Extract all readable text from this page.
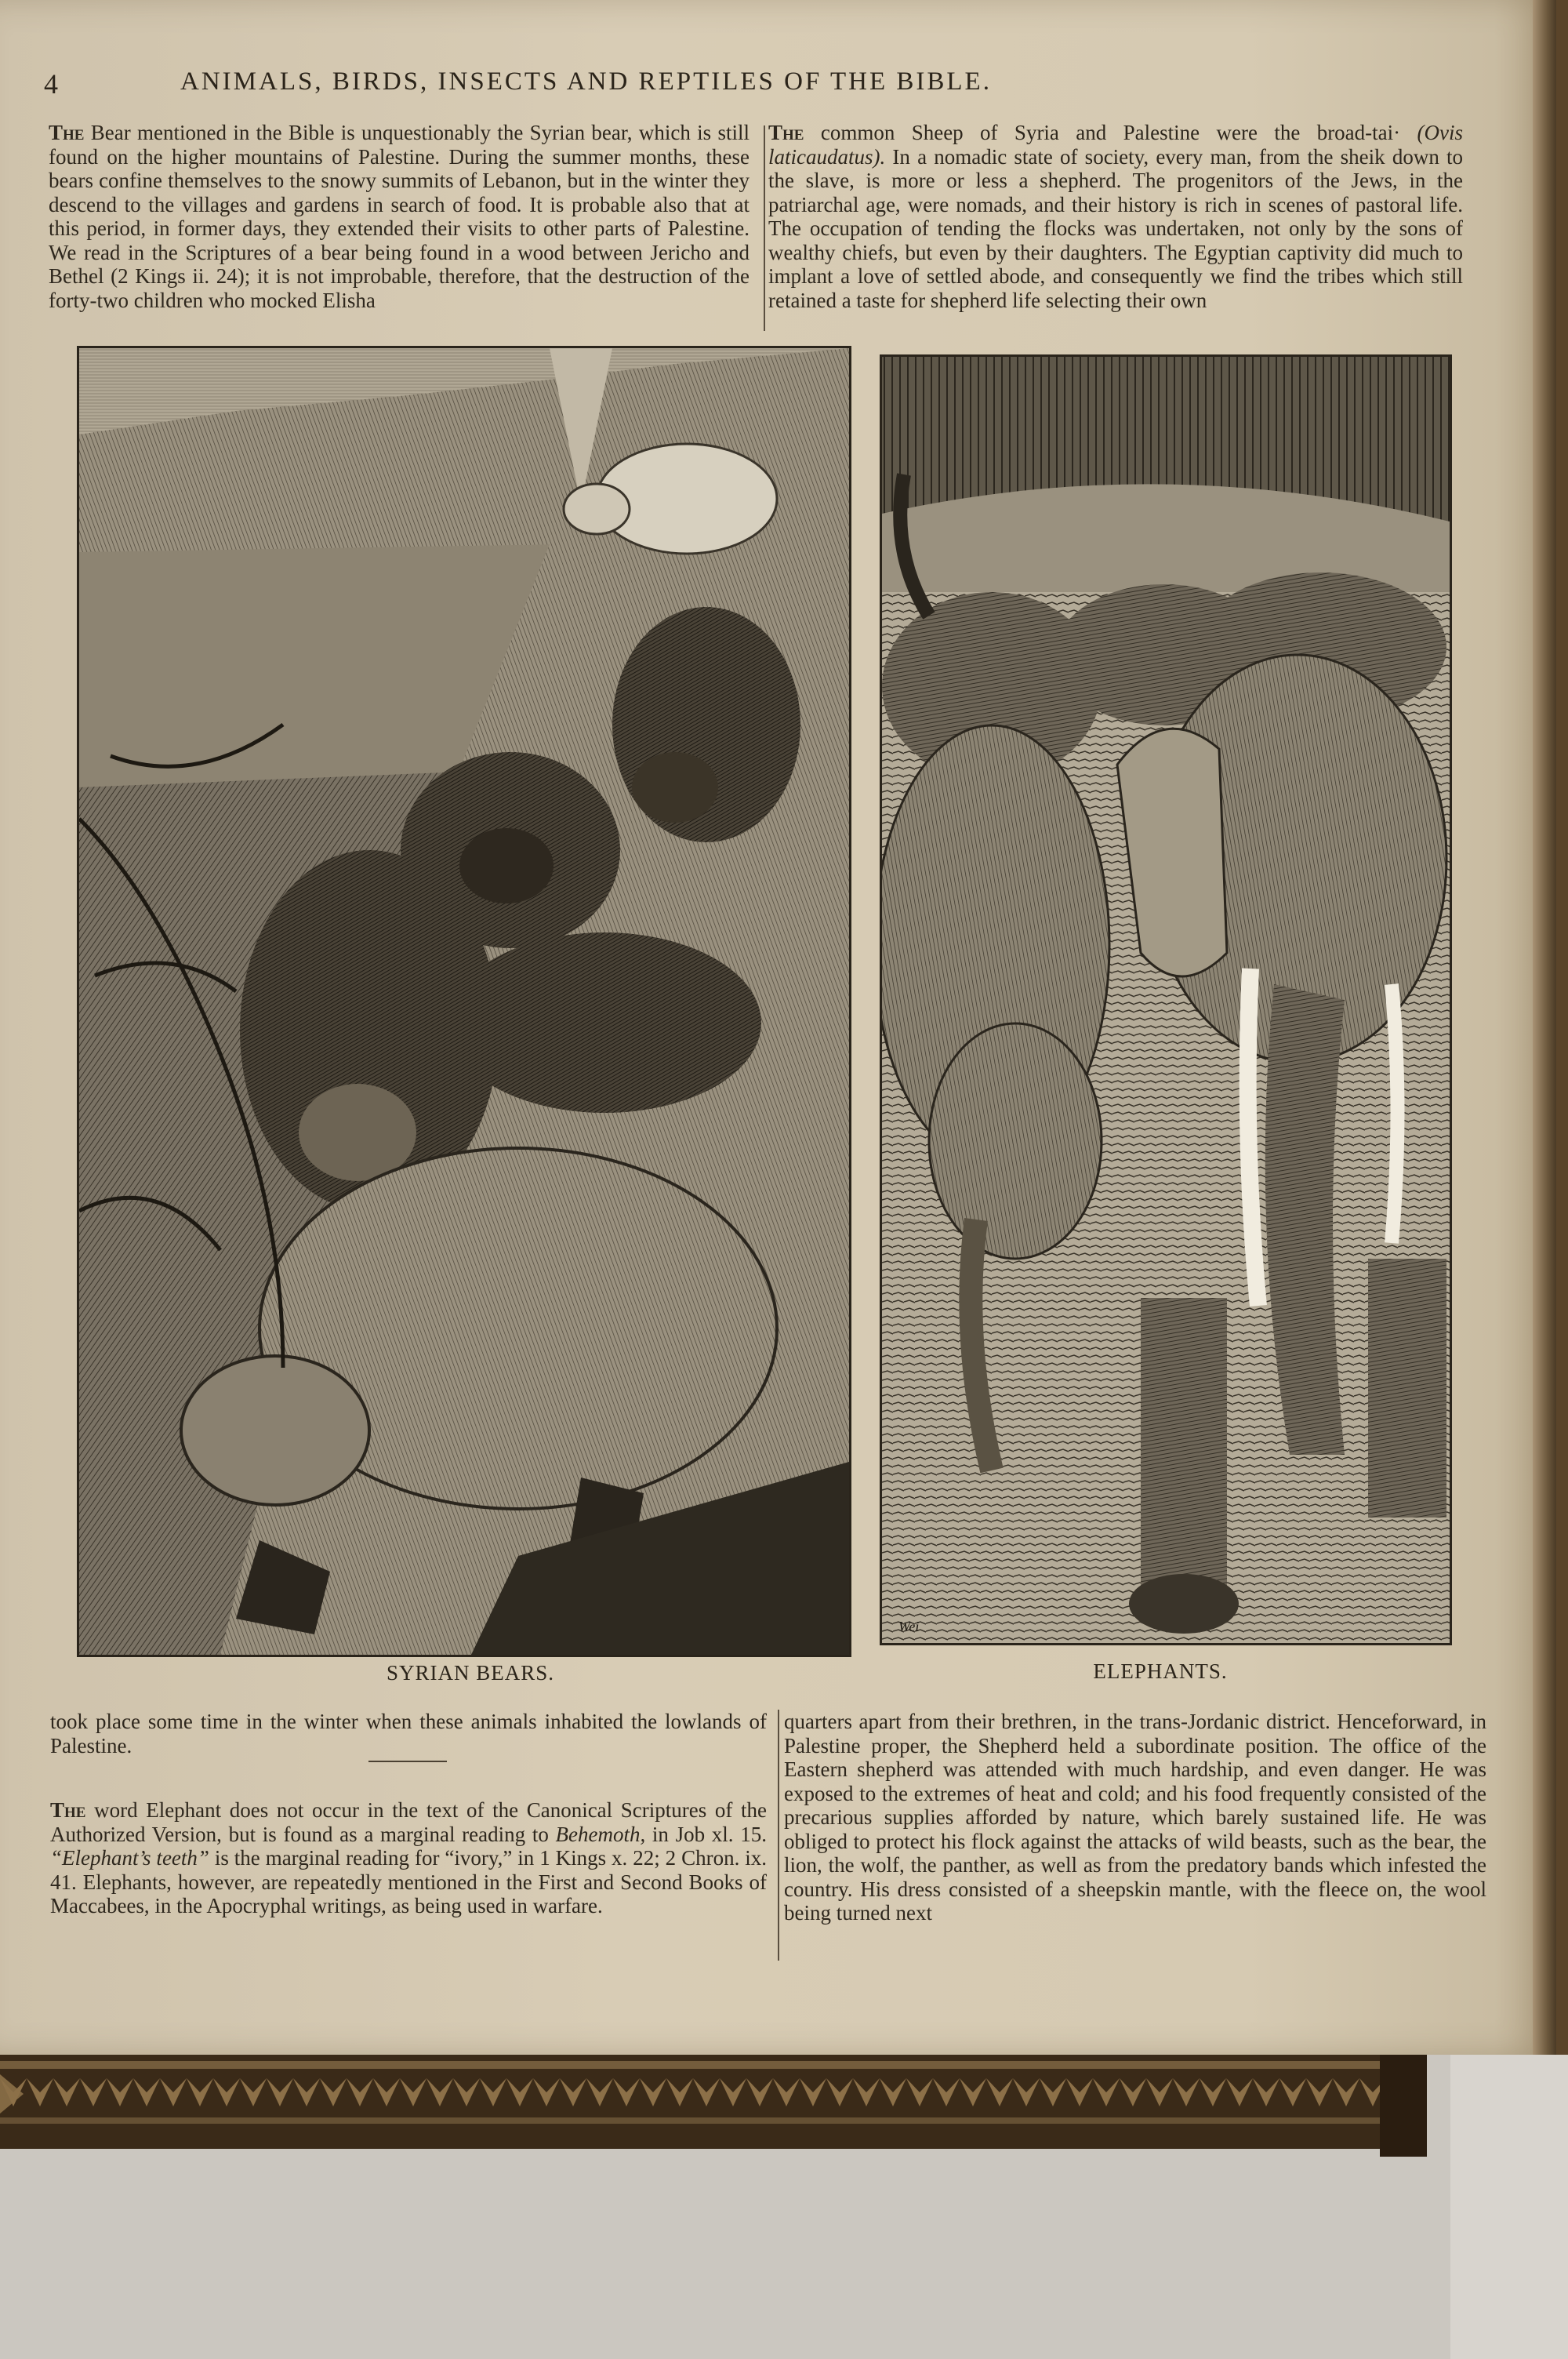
4	ANIMALS, BIRDS, INSECTS AND REPTILES OF THE BIBLE.

The Bear mentioned in the Bible is unquestionably the Syrian bear, which is still found on the higher mountains of Palestine. During the summer months, these bears confine themselves to the snowy summits of Lebanon, but in the winter they descend to the villages and gardens in search of food. It is probable also that at this period, in former days, they extended their visits to other parts of Palestine. We read in the Scriptures of a bear being found in a wood between Jericho and Bethel (2 Kings ii. 24); it is not improbable, therefore, that the destruction of the forty-two children who mocked Elisha

The common Sheep of Syria and Palestine were the broad-tai· (Ovis laticaudatus). In a nomadic state of society, every man, from the sheik down to the slave, is more or less a shepherd. The progenitors of the Jews, in the patriarchal age, were nomads, and their history is rich in scenes of pastoral life. The occupation of tending the flocks was undertaken, not only by the sons of wealthy chiefs, but even by their daughters. The Egyptian captivity did much to implant a love of settled abode, and consequently we find the tribes which still retained a taste for shepherd life selecting their own

Wei
SYRIAN BEARS.	ELEPHANTS.

took place some time in the winter when these animals inhabited the lowlands of Palestine.

The word Elephant does not occur in the text of the Canonical Scriptures of the Authorized Version, but is found as a marginal reading to Behemoth, in Job xl. 15. “Elephant’s teeth” is the marginal reading for “ivory,” in 1 Kings x. 22; 2 Chron. ix. 41. Elephants, however, are repeatedly mentioned in the First and Second Books of Maccabees, in the Apocryphal writings, as being used in warfare.

quarters apart from their brethren, in the trans-Jordanic district. Henceforward, in Palestine proper, the Shepherd held a subordinate position. The office of the Eastern shepherd was attended with much hardship, and even danger. He was exposed to the extremes of heat and cold; and his food frequently consisted of the precarious supplies afforded by nature, which barely sustained life. He was obliged to protect his flock against the attacks of wild beasts, such as the bear, the lion, the wolf, the panther, as well as from the predatory bands which infested the country. His dress consisted of a sheepskin mantle, with the fleece on, the wool being turned next
